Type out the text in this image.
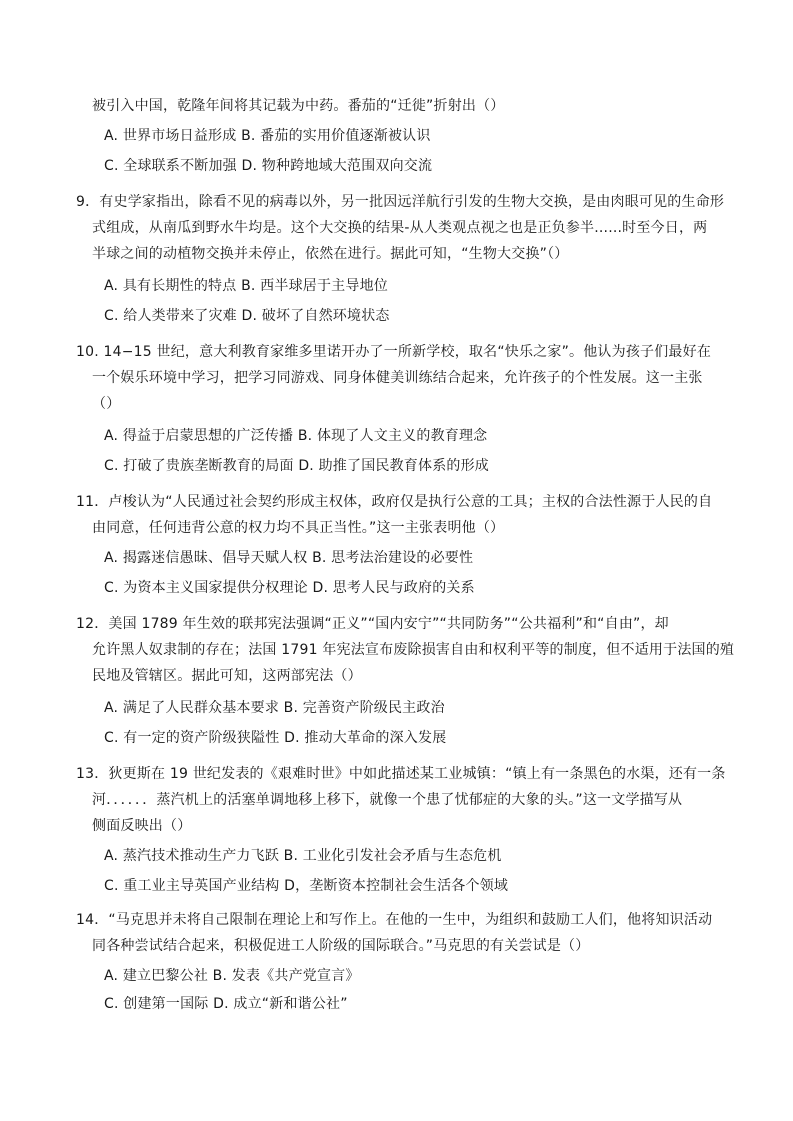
被引入中国，乾隆年间将其记载为中药。番茄的“迁徙”折射出（）
A. 世界市场日益形成 B. 番茄的实用价值逐渐被认识
C. 全球联系不断加强 D. 物种跨地域大范围双向交流
9．有史学家指出，除看不见的病毒以外，另一批因远洋航行引发的生物大交换，是由肉眼可见的生命形
式组成，从南瓜到野水牛均是。这个大交换的结果-从人类观点视之也是正负参半......时至今日，两
半球之间的动植物交换并未停止，依然在进行。据此可知，“生物大交换”（）
A. 具有长期性的特点 B. 西半球居于主导地位
C. 给人类带来了灾难 D. 破坏了自然环境状态
10. 14−15 世纪，意大利教育家维多里诺开办了一所新学校，取名“快乐之家”。他认为孩子们最好在
一个娱乐环境中学习，把学习同游戏、同身体健美训练结合起来，允许孩子的个性发展。这一主张
（）
A. 得益于启蒙思想的广泛传播 B. 体现了人文主义的教育理念
C. 打破了贵族垄断教育的局面 D. 助推了国民教育体系的形成
11．卢梭认为“人民通过社会契约形成主权体，政府仅是执行公意的工具；主权的合法性源于人民的自
由同意，任何违背公意的权力均不具正当性。”这一主张表明他（）
A. 揭露迷信愚昧、倡导天赋人权 B. 思考法治建设的必要性
C. 为资本主义国家提供分权理论 D. 思考人民与政府的关系
12．美国 1789 年生效的联邦宪法强调“正义”“国内安宁”“共同防务”“公共福利”和“自由”，却
允许黑人奴隶制的存在；法国 1791 年宪法宣布废除损害自由和权利平等的制度，但不适用于法国的殖
民地及管辖区。据此可知，这两部宪法（）
A. 满足了人民群众基本要求 B. 完善资产阶级民主政治
C. 有一定的资产阶级狭隘性 D. 推动大革命的深入发展
13．狄更斯在 19 世纪发表的《艰难时世》中如此描述某工业城镇：“镇上有一条黑色的水渠，还有一条
河．．．．．．蒸汽机上的活塞单调地移上移下，就像一个患了忧郁症的大象的头。”这一文学描写从
侧面反映出（）
A. 蒸汽技术推动生产力飞跃 B. 工业化引发社会矛盾与生态危机
C. 重工业主导英国产业结构 D，垄断资本控制社会生活各个领域
14．“马克思并未将自己限制在理论上和写作上。在他的一生中，为组织和鼓励工人们，他将知识活动
同各种尝试结合起来，积极促进工人阶级的国际联合。”马克思的有关尝试是（）
A. 建立巴黎公社 B. 发表《共产党宣言》
C. 创建第一国际 D. 成立“新和谐公社”
